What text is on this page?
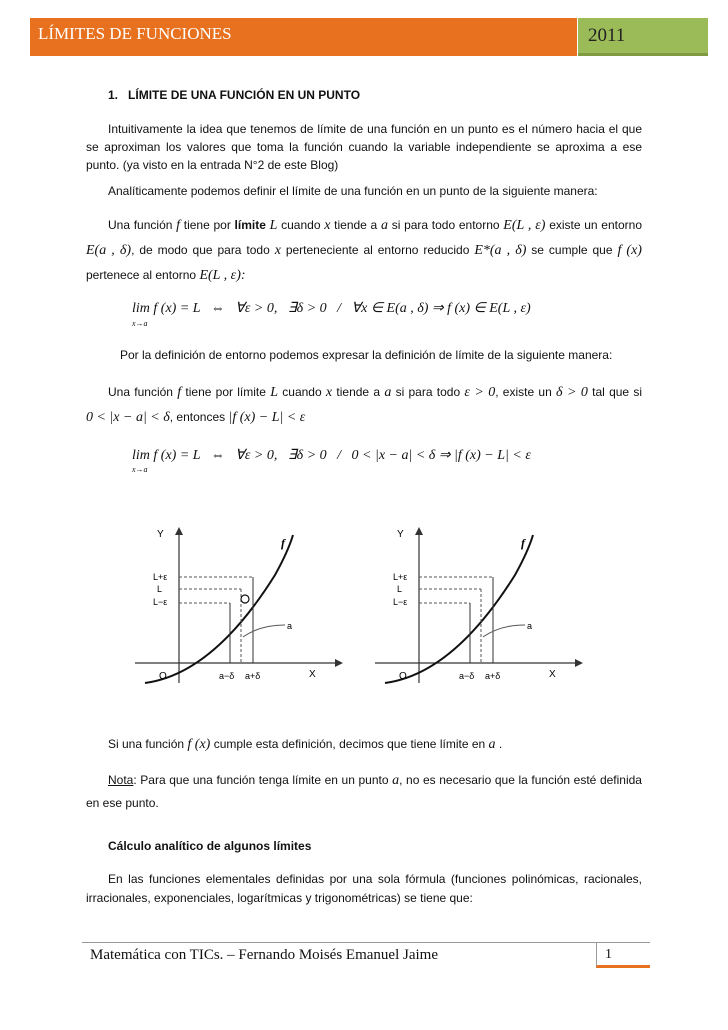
LÍMITES DE FUNCIONES	2011
1. LÍMITE DE UNA FUNCIÓN EN UN PUNTO
Intuitivamente la idea que tenemos de límite de una función en un punto es el número hacia el que se aproximan los valores que toma la función cuando la variable independiente se aproxima a ese punto. (ya visto en la entrada N°2 de este Blog)
Analíticamente podemos definir el límite de una función en un punto de la siguiente manera:
Una función f tiene por límite L cuando x tiende a a si para todo entorno E(L , ε) existe un entorno E(a , δ), de modo que para todo x perteneciente al entorno reducido E*(a , δ) se cumple que f (x) pertenece al entorno E(L , ε):
lim f (x) = L   ⇔   ∀ε > 0,   ∃δ > 0   /   ∀x ∈ E(a , δ) ⇒ f (x) ∈ E(L , ε)
x→a
Por la definición de entorno podemos expresar la definición de límite de la siguiente manera:
Una función f tiene por límite L cuando x tiende a a si para todo ε > 0, existe un δ > 0 tal que si 0 < |x − a| < δ, entonces |f (x) − L| < ε
lim f (x) = L   ⇔   ∀ε > 0,   ∃δ > 0   /   0 < |x − a| < δ ⇒ |f (x) − L| < ε
x→a
Y
X
f
L+ε
L
L−ε
O	a−δ a+δ
a
Y
X
f
L+ε
L
L−ε
O	a−δ a+δ
a
Si una función f (x) cumple esta definición, decimos que tiene límite en a .
Nota: Para que una función tenga límite en un punto a, no es necesario que la función esté definida en ese punto.
Cálculo analítico de algunos límites
En las funciones elementales definidas por una sola fórmula (funciones polinómicas, racionales, irracionales, exponenciales, logarítmicas y trigonométricas) se tiene que:
Matemática con TICs. – Fernando Moisés Emanuel Jaime	1
